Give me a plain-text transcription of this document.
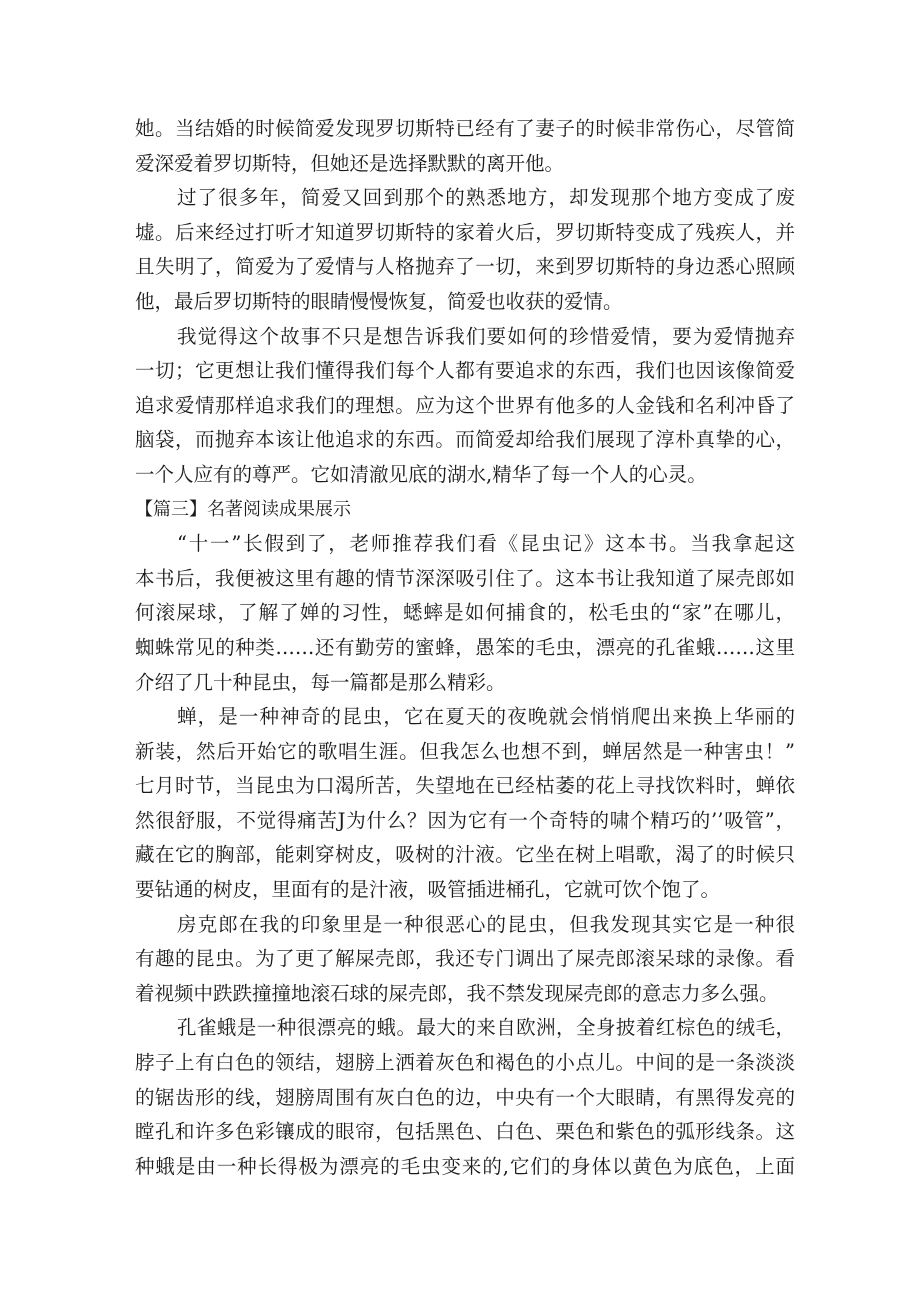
她。当结婚的时候简爱发现罗切斯特已经有了妻子的时候非常伤心，尽管简
爱深爱着罗切斯特，但她还是选择默默的离开他。
过了很多年，简爱又回到那个的熟悉地方，却发现那个地方变成了废
墟。后来经过打听才知道罗切斯特的家着火后，罗切斯特变成了残疾人，并
且失明了，简爱为了爱情与人格抛弃了一切，来到罗切斯特的身边悉心照顾
他，最后罗切斯特的眼睛慢慢恢复，简爱也收获的爱情。
我觉得这个故事不只是想告诉我们要如何的珍惜爱情，要为爱情抛弃
一切；它更想让我们懂得我们每个人都有要追求的东西，我们也因该像简爱
追求爱情那样追求我们的理想。应为这个世界有他多的人金钱和名利冲昏了
脑袋，而抛弃本该让他追求的东西。而简爱却给我们展现了淳朴真挚的心，
一个人应有的尊严。它如清澈见底的湖水,精华了每一个人的心灵。
【篇三】名著阅读成果展示
“十一”长假到了，老师推荐我们看《昆虫记》这本书。当我拿起这
本书后，我便被这里有趣的情节深深吸引住了。这本书让我知道了屎壳郎如
何滚屎球，了解了婵的习性，蟋蟀是如何捕食的，松毛虫的“家”在哪儿，
蜘蛛常见的种类……还有勤劳的蜜蜂，愚笨的毛虫，漂亮的孔雀蛾……这里
介绍了几十种昆虫，每一篇都是那么精彩。
蝉，是一种神奇的昆虫，它在夏天的夜晚就会悄悄爬出来换上华丽的
新装，然后开始它的歌唱生涯。但我怎么也想不到，蝉居然是一种害虫！”
七月时节，当昆虫为口渴所苦，失望地在已经枯萎的花上寻找饮料时，蝉依
然很舒服，不觉得痛苦J为什么？因为它有一个奇特的啸个精巧的’’吸管”，
藏在它的胸部，能刺穿树皮，吸树的汁液。它坐在树上唱歌，渴了的时候只
要钻通的树皮，里面有的是汁液，吸管插进桶孔，它就可饮个饱了。
房克郎在我的印象里是一种很恶心的昆虫，但我发现其实它是一种很
有趣的昆虫。为了更了解屎壳郎，我还专门调出了屎壳郎滚呆球的录像。看
着视频中跌跌撞撞地滚石球的屎壳郎，我不禁发现屎壳郎的意志力多么强。
孔雀蛾是一种很漂亮的蛾。最大的来自欧洲，全身披着红棕色的绒毛，
脖子上有白色的领结，翅膀上洒着灰色和褐色的小点儿。中间的是一条淡淡
的锯齿形的线，翅膀周围有灰白色的边，中央有一个大眼睛，有黑得发亮的
瞠孔和许多色彩镶成的眼帘，包括黑色、白色、栗色和紫色的弧形线条。这
种蛾是由一种长得极为漂亮的毛虫变来的,它们的身体以黄色为底色，上面
